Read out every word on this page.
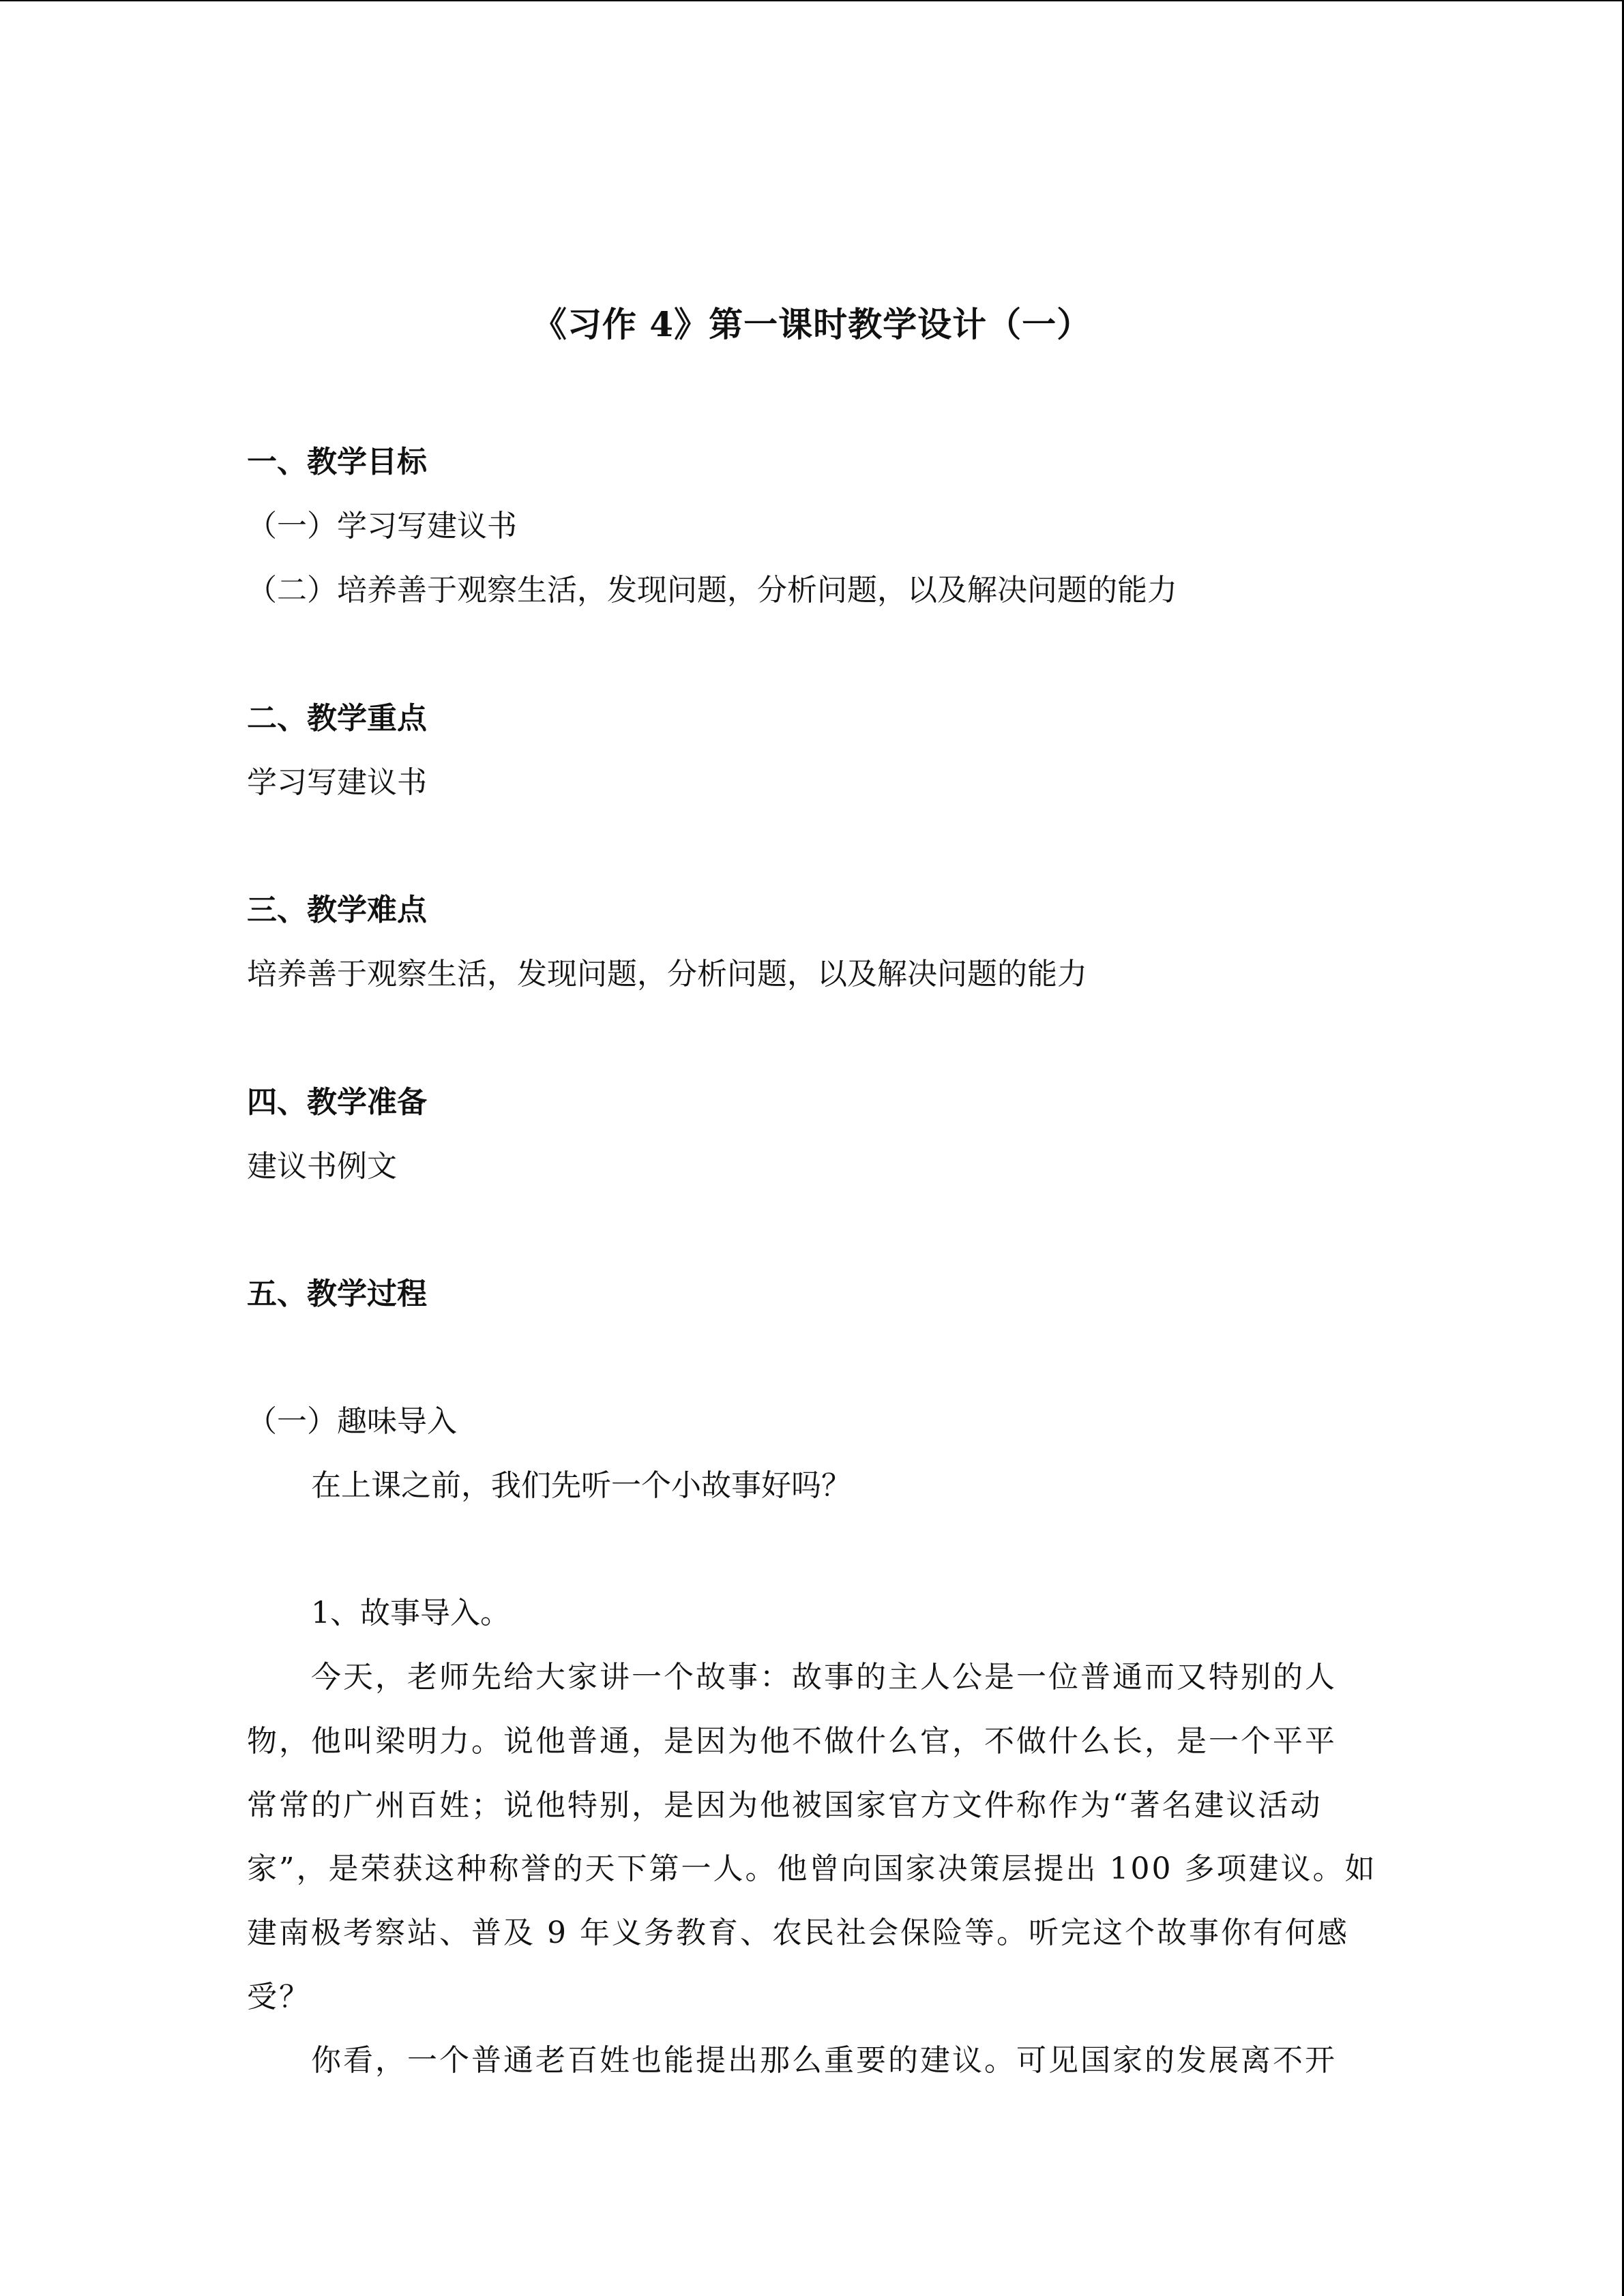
《习作 4》第一课时教学设计（一）
一、教学目标
（一）学习写建议书
（二）培养善于观察生活，发现问题，分析问题，以及解决问题的能力
二、教学重点
学习写建议书
三、教学难点
培养善于观察生活，发现问题，分析问题，以及解决问题的能力
四、教学准备
建议书例文
五、教学过程
（一）趣味导入
在上课之前，我们先听一个小故事好吗？
1、故事导入。
今天，老师先给大家讲一个故事：故事的主人公是一位普通而又特别的人
物，他叫梁明力。说他普通，是因为他不做什么官，不做什么长，是一个平平
常常的广州百姓；说他特别，是因为他被国家官方文件称作为“著名建议活动
家”，是荣获这种称誉的天下第一人。他曾向国家决策层提出 100 多项建议。如
建南极考察站、普及 9 年义务教育、农民社会保险等。听完这个故事你有何感
受？
你看，一个普通老百姓也能提出那么重要的建议。可见国家的发展离不开
